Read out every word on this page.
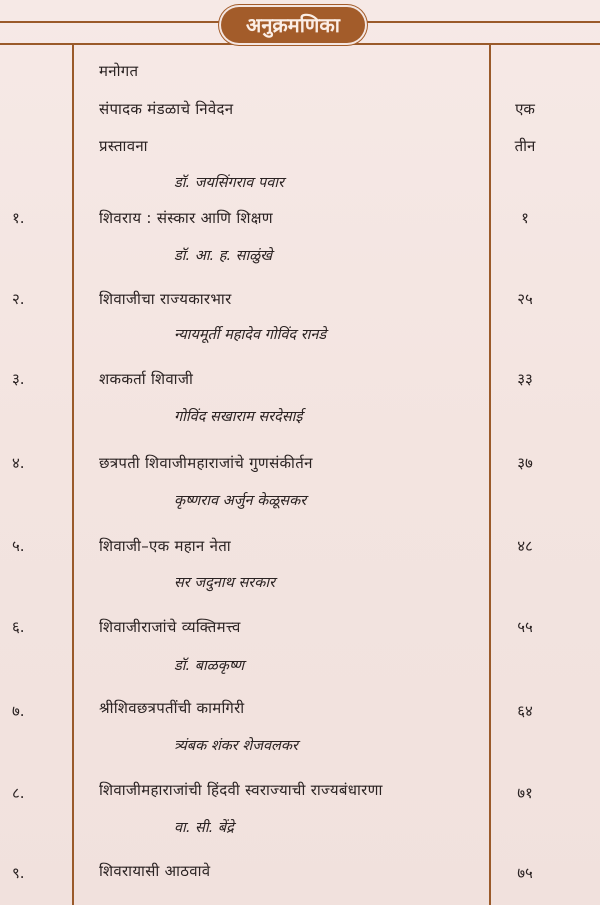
अनुक्रमणिका
मनोगत
संपादक मंडळाचे निवेदन	एक
प्रस्तावना	तीन
डॉ. जयसिंगराव पवार
१.	शिवराय : संस्कार आणि शिक्षण	१
डॉ. आ. ह. साळुंखे
२.	शिवाजीचा राज्यकारभार	२५
न्यायमूर्ती महादेव गोविंद रानडे
३.	शककर्ता शिवाजी	३३
गोविंद सखाराम सरदेसाई
४.	छत्रपती शिवाजीमहाराजांचे गुणसंकीर्तन	३७
कृष्णराव अर्जुन केळूसकर
५.	शिवाजी–एक महान नेता	४८
सर जदुनाथ सरकार
६.	शिवाजीराजांचे व्यक्तिमत्त्व	५५
डॉ. बाळकृष्ण
७.	श्रीशिवछत्रपतींची कामगिरी	६४
त्र्यंबक शंकर शेजवलकर
८.	शिवाजीमहाराजांची हिंदवी स्वराज्याची राज्यबंधारणा	७१
वा. सी. बेंद्रे
९.	शिवरायासी आठवावे	७५
